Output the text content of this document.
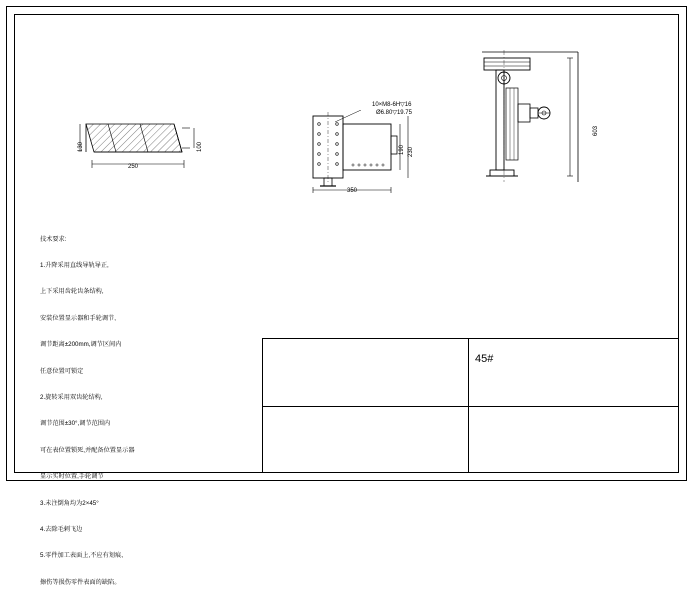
130
250
100
10×M8-6H▽16
Ø6.80▽19.75
190 230
350
603

技术要求:

1.升降采用直线导轨导正,

上下采用齿轮齿条结构,

安装位置显示器和手轮调节,

调节距离±200mm,调节区间内

任意位置可锁定

2.旋转采用双齿轮结构,

调节范围±30°,调节范围内

可在表位置锁死,并配备位置显示器

显示实时位置,手轮调节

3.未注倒角均为2×45°

4.去除毛刺飞边

5.零件加工表面上,不应有划痕、

擦伤等损伤零件表面的缺陷。

45#
